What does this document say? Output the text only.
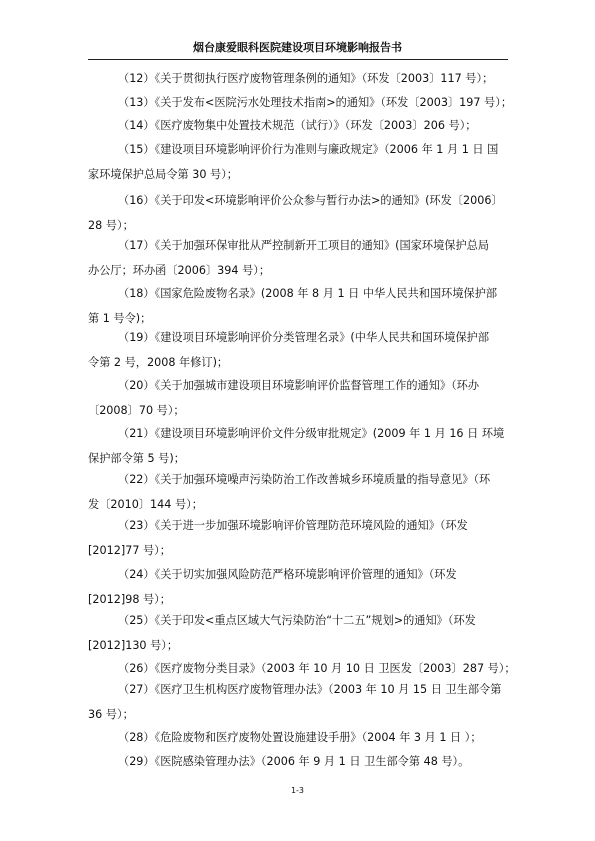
烟台康爱眼科医院建设项目环境影响报告书
（12）《关于贯彻执行医疗废物管理条例的通知》（环发〔2003〕117 号）；
（13）《关于发布<医院污水处理技术指南>的通知》（环发〔2003〕197 号）；
（14）《医疗废物集中处置技术规范（试行）》（环发〔2003〕206 号）；
（15）《建设项目环境影响评价行为准则与廉政规定》（2006 年 1 月 1 日 国
家环境保护总局令第 30 号）；
（16）《关于印发<环境影响评价公众参与暂行办法>的通知》(环发〔2006〕
28 号）；
（17）《关于加强环保审批从严控制新开工项目的通知》(国家环境保护总局
办公厅；环办函〔2006〕394 号）；
（18）《国家危险废物名录》(2008 年 8 月 1 日 中华人民共和国环境保护部
第 1 号令)；
（19）《建设项目环境影响评价分类管理名录》(中华人民共和国环境保护部
令第 2 号，2008 年修订)；
（20）《关于加强城市建设项目环境影响评价监督管理工作的通知》（环办
〔2008〕70 号）；
（21）《建设项目环境影响评价文件分级审批规定》(2009 年 1 月 16 日 环境
保护部令第 5 号)；
（22）《关于加强环境噪声污染防治工作改善城乡环境质量的指导意见》（环
发〔2010〕144 号）；
（23）《关于进一步加强环境影响评价管理防范环境风险的通知》（环发
[2012]77 号）；
（24）《关于切实加强风险防范严格环境影响评价管理的通知》（环发
[2012]98 号）；
（25）《关于印发<重点区域大气污染防治“十二五”规划>的通知》（环发
[2012]130 号）；
（26）《医疗废物分类目录》（2003 年 10 月 10 日 卫医发〔2003〕287 号）；
（27）《医疗卫生机构医疗废物管理办法》（2003 年 10 月 15 日 卫生部令第
36 号）；
（28）《危险废物和医疗废物处置设施建设手册》（2004 年 3 月 1 日 ）；
（29）《医院感染管理办法》（2006 年 9 月 1 日 卫生部令第 48 号）。
1-3
